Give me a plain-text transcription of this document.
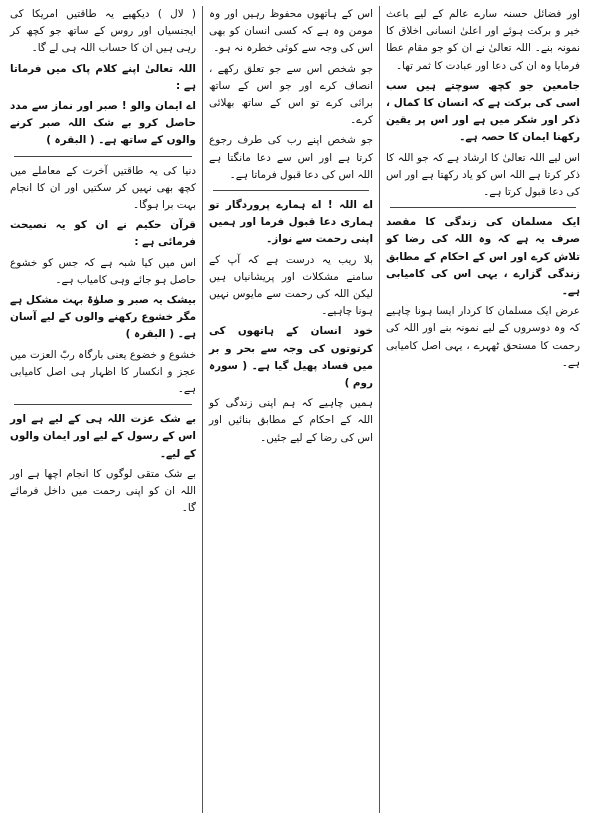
اور فضائل حسنہ سارے عالم کے لیے باعث خیر و برکت ہوئے اور اعلیٰ انسانی اخلاق کا نمونہ بنے۔ اللہ تعالیٰ نے ان کو جو مقام عطا فرمایا وہ ان کی دعا اور عبادت کا ثمر تھا۔

جامعین جو کچھ سوچتے ہیں سب اسی کی برکت ہے کہ انسان کا کمال ، ذکر اور شکر میں ہے اور اس پر یقین رکھنا ایمان کا حصہ ہے۔

اس لیے اللہ تعالیٰ کا ارشاد ہے کہ جو اللہ کا ذکر کرتا ہے اللہ اس کو یاد رکھتا ہے اور اس کی دعا قبول کرتا ہے۔

ایک مسلمان کی زندگی کا مقصد صرف یہ ہے کہ وہ اللہ کی رضا کو تلاش کرے اور اس کے احکام کے مطابق زندگی گزارے ، یہی اس کی کامیابی ہے۔

عرض ایک مسلمان کا کردار ایسا ہونا چاہیے کہ وہ دوسروں کے لیے نمونہ بنے اور اللہ کی رحمت کا مستحق ٹھہرے ، یہی اصل کامیابی ہے۔

اس کے ہاتھوں محفوظ رہیں اور وہ مومن وہ ہے کہ کسی انسان کو بھی اس کی وجہ سے کوئی خطرہ نہ ہو۔

جو شخص اس سے جو تعلق رکھے ، انصاف کرے اور جو اس کے ساتھ برائی کرے تو اس کے ساتھ بھلائی کرے۔

جو شخص اپنے رب کی طرف رجوع کرتا ہے اور اس سے دعا مانگتا ہے اللہ اس کی دعا قبول فرماتا ہے۔

اے اللہ ! اے ہمارے پروردگار تو ہماری دعا قبول فرما اور ہمیں اپنی رحمت سے نواز۔

بلا ریب یہ درست ہے کہ آپ کے سامنے مشکلات اور پریشانیاں ہیں لیکن اللہ کی رحمت سے مایوس نہیں ہونا چاہیے۔

خود انسان کے ہاتھوں کی کرتوتوں کی وجہ سے بحر و بر میں فساد پھیل گیا ہے۔ ( سورہ روم )

ہمیں چاہیے کہ ہم اپنی زندگی کو اللہ کے احکام کے مطابق بنائیں اور اس کی رضا کے لیے جئیں۔

( لال ) دیکھیے یہ طاقتیں امریکا کی ایجنسیاں اور روس کے ساتھ جو کچھ کر رہی ہیں ان کا حساب اللہ ہی لے گا۔

اللہ تعالیٰ اپنے کلام پاک میں فرماتا ہے :

اے ایمان والو ! صبر اور نماز سے مدد حاصل کرو بے شک اللہ صبر کرنے والوں کے ساتھ ہے۔ ( البقرہ )

دنیا کی یہ طاقتیں آخرت کے معاملے میں کچھ بھی نہیں کر سکتیں اور ان کا انجام بہت برا ہوگا۔

قرآن حکیم نے ان کو یہ نصیحت فرمائی ہے :

اس میں کیا شبہ ہے کہ جس کو خشوع حاصل ہو جائے وہی کامیاب ہے۔

بیشک یہ صبر و صلوٰۃ بہت مشکل ہے مگر خشوع رکھنے والوں کے لیے آسان ہے۔ ( البقرہ )

خشوع و خضوع یعنی بارگاہ ربّ العزت میں عجز و انکسار کا اظہار ہی اصل کامیابی ہے۔

بے شک عزت اللہ ہی کے لیے ہے اور اس کے رسول کے لیے اور ایمان والوں کے لیے۔

بے شک متقی لوگوں کا انجام اچھا ہے اور اللہ ان کو اپنی رحمت میں داخل فرمائے گا۔
